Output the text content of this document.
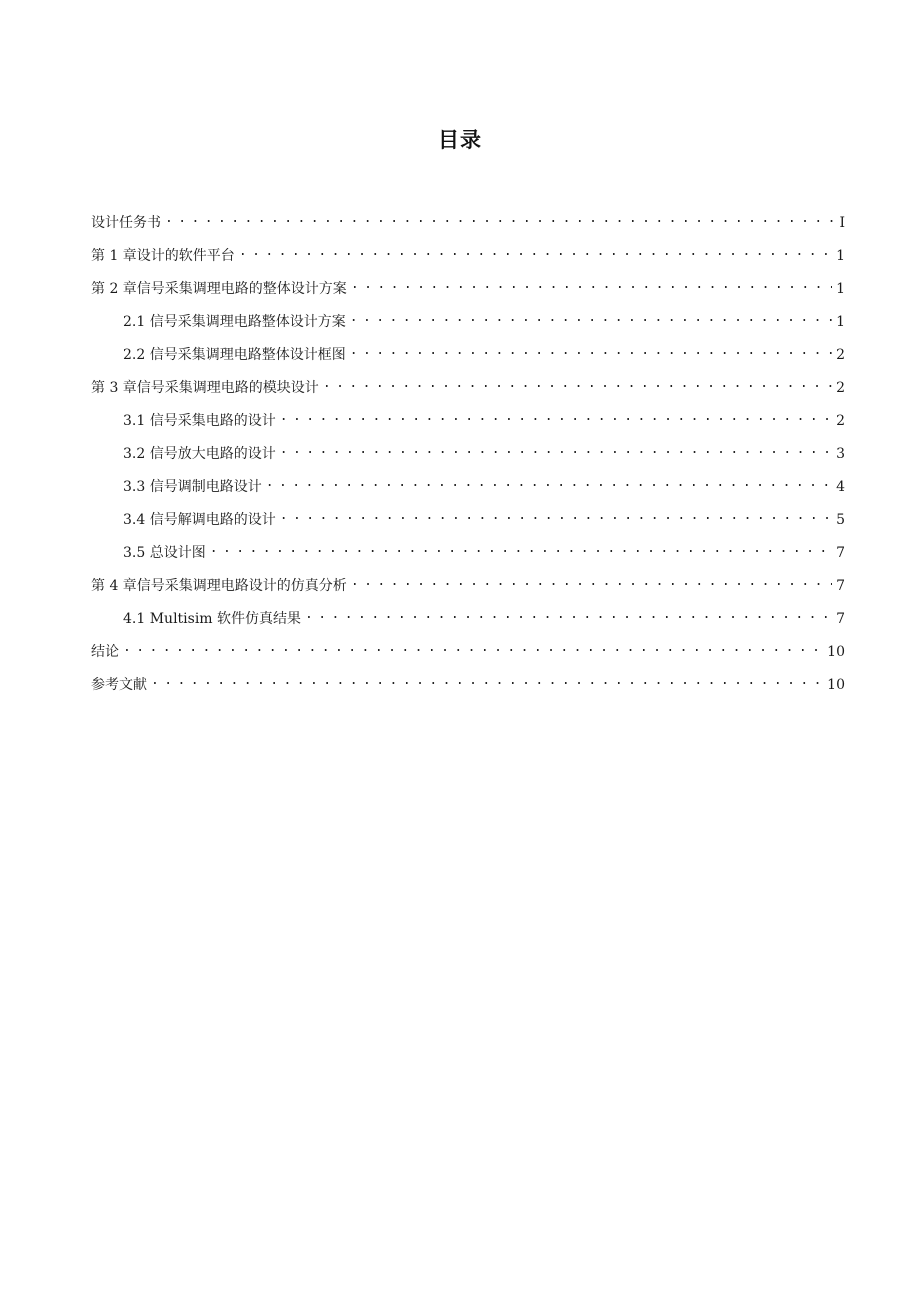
目录
设计任务书 . . .	I
第 1 章设计的软件平台 . . .	1
第 2 章信号采集调理电路的整体设计方案 . . .	1
2.1 信号采集调理电路整体设计方案 . . .	1
2.2 信号采集调理电路整体设计框图 . . .	2
第 3 章信号采集调理电路的模块设计 . . .	2
3.1 信号采集电路的设计 . . .	2
3.2 信号放大电路的设计 . . .	3
3.3 信号调制电路设计 . . .	4
3.4 信号解调电路的设计 . . .	5
3.5 总设计图 . . .	7
第 4 章信号采集调理电路设计的仿真分析 . . .	7
4.1 Multisim 软件仿真结果 . . .	7
结论 . . .	10
参考文献 . . .	10
